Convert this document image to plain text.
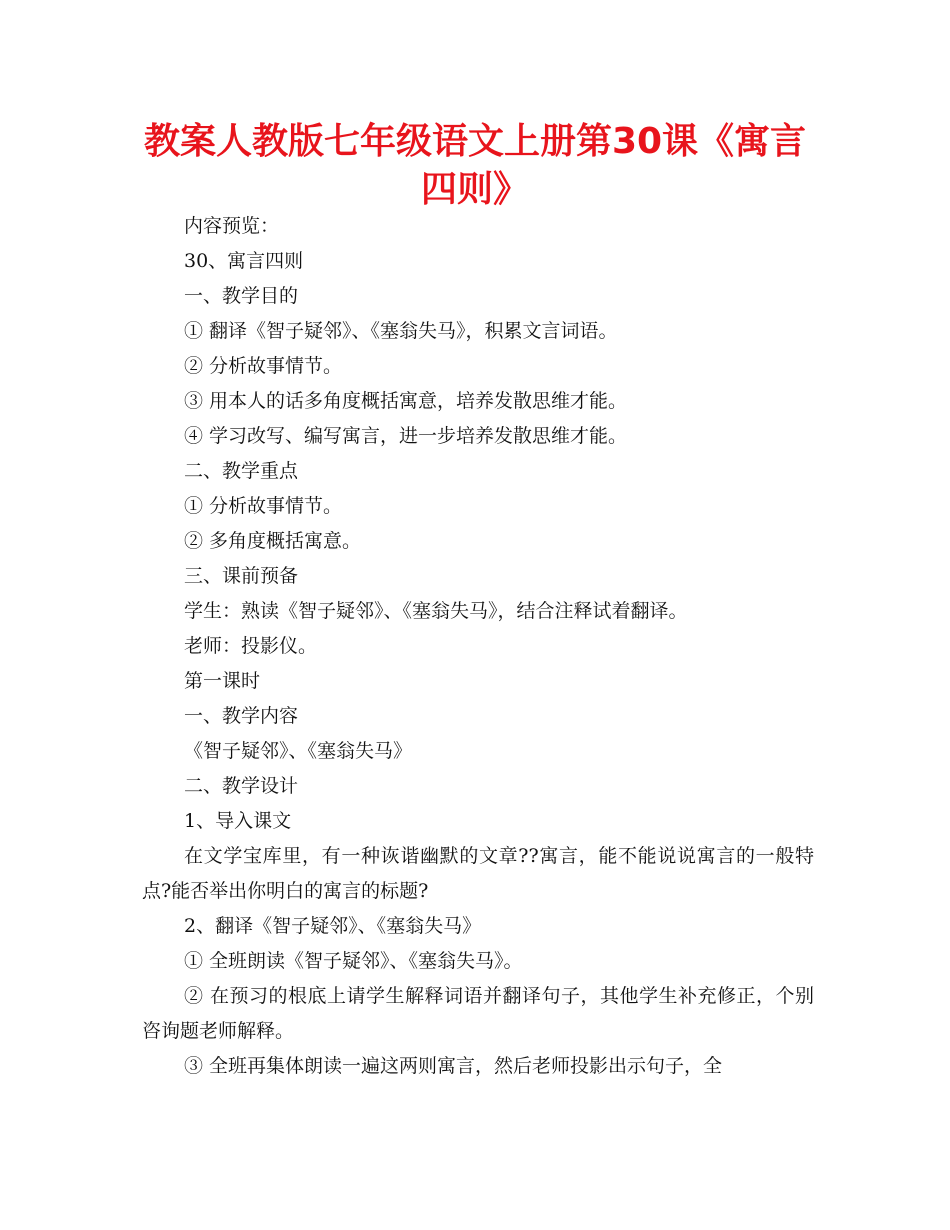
教案人教版七年级语文上册第30课《寓言四则》

内容预览：

30、寓言四则

一、教学目的

① 翻译《智子疑邻》、《塞翁失马》，积累文言词语。

② 分析故事情节。

③ 用本人的话多角度概括寓意，培养发散思维才能。

④ 学习改写、编写寓言，进一步培养发散思维才能。

二、教学重点

① 分析故事情节。

② 多角度概括寓意。

三、课前预备

学生：熟读《智子疑邻》、《塞翁失马》，结合注释试着翻译。

老师：投影仪。

第一课时

一、教学内容

《智子疑邻》、《塞翁失马》

二、教学设计

1、导入课文

在文学宝库里，有一种诙谐幽默的文章??寓言，能不能说说寓言的一般特点?能否举出你明白的寓言的标题?

2、翻译《智子疑邻》、《塞翁失马》

① 全班朗读《智子疑邻》、《塞翁失马》。

② 在预习的根底上请学生解释词语并翻译句子，其他学生补充修正，个别咨询题老师解释。

③ 全班再集体朗读一遍这两则寓言，然后老师投影出示句子，全
